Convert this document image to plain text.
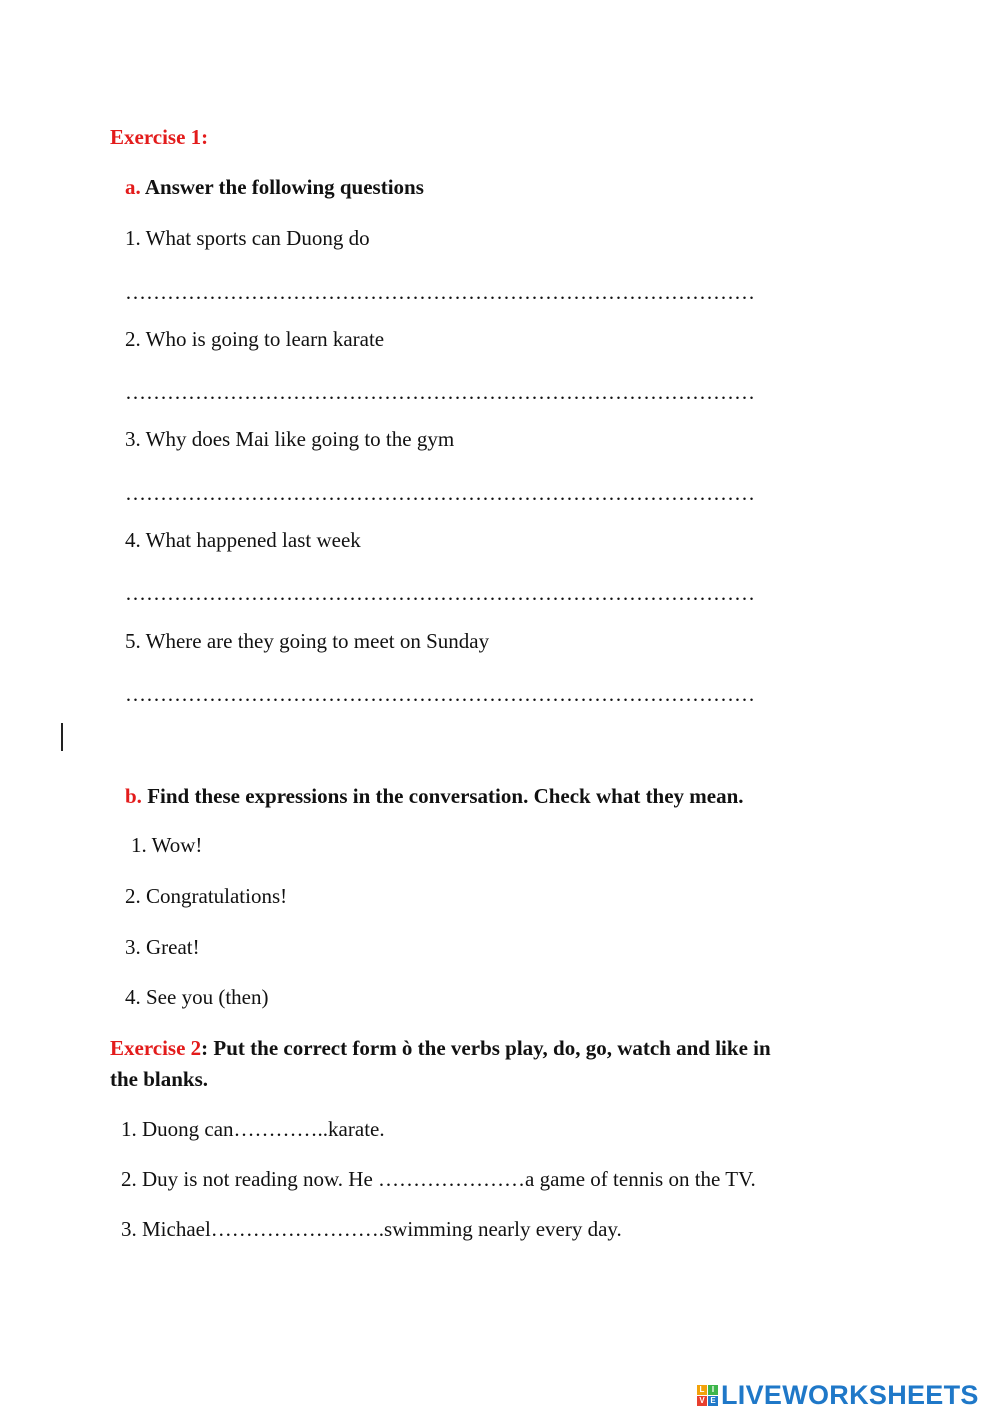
Exercise 1:
a. Answer the following questions
1. What sports can Duong do
………………………………………………………………………………
2. Who is going to learn karate
………………………………………………………………………………
3. Why does Mai like going to the gym
………………………………………………………………………………
4. What happened last week
………………………………………………………………………………
5. Where are they going to meet on Sunday
………………………………………………………………………………
b. Find these expressions in the conversation. Check what they mean.
1. Wow!
2. Congratulations!
3. Great!
4. See you (then)
Exercise 2: Put the correct form ò the verbs play, do, go, watch and like in
the blanks.
1. Duong can…………..karate.
2. Duy is not reading now. He …………………a game of tennis on the TV.
3. Michael…………………….swimming nearly every day.
L I
V E LIVEWORKSHEETS
